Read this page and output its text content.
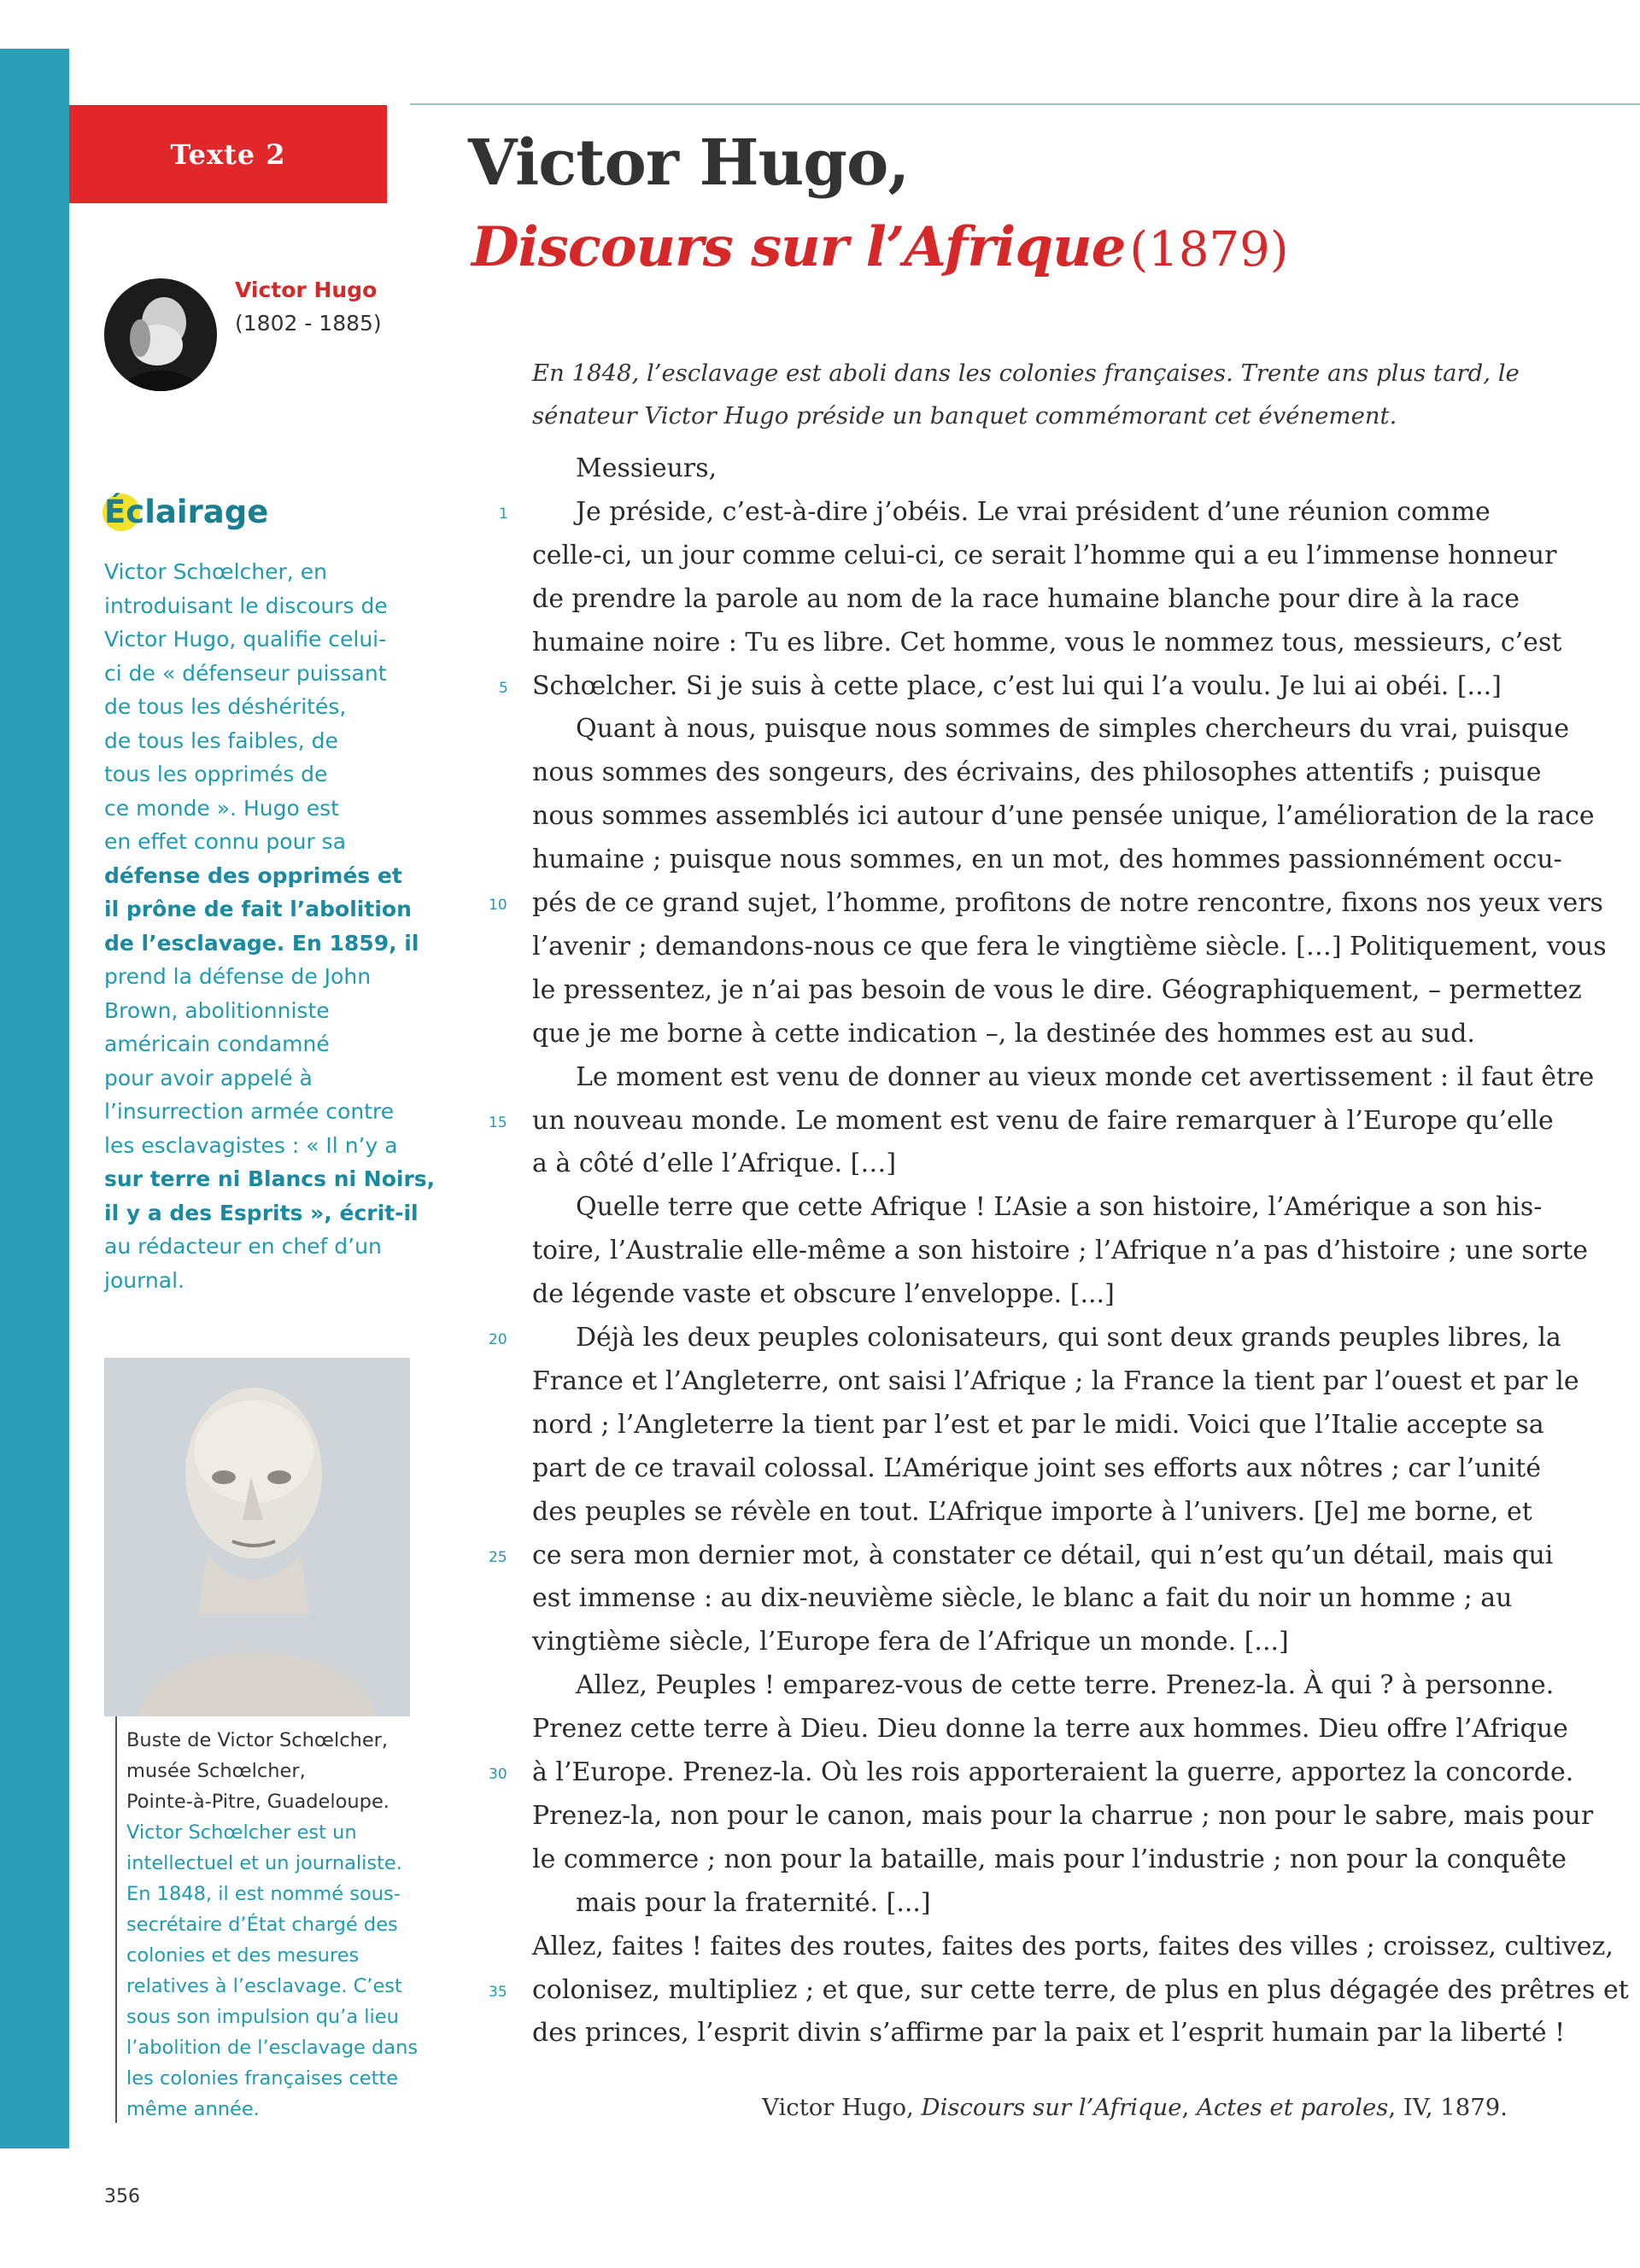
Texte 2	Victor Hugo,
Discours sur l’Afrique (1879)
Victor Hugo
(1802 - 1885)
Éclairage
Victor Schœlcher, en
introduisant le discours de
Victor Hugo, qualifie celui-
ci de « défenseur puissant
de tous les déshérités,
de tous les faibles, de
tous les opprimés de
ce monde ». Hugo est
en effet connu pour sa
défense des opprimés et
il prône de fait l’abolition
de l’esclavage. En 1859, il
prend la défense de John
Brown, abolitionniste
américain condamné
pour avoir appelé à
l’insurrection armée contre
les esclavagistes : « Il n’y a
sur terre ni Blancs ni Noirs,
il y a des Esprits », écrit-il
au rédacteur en chef d’un
journal.
Buste de Victor Schœlcher,
musée Schœlcher,
Pointe-à-Pitre, Guadeloupe.
Victor Schœlcher est un
intellectuel et un journaliste.
En 1848, il est nommé sous-
secrétaire d’État chargé des
colonies et des mesures
relatives à l’esclavage. C’est
sous son impulsion qu’a lieu
l’abolition de l’esclavage dans
les colonies françaises cette
même année.
En 1848, l’esclavage est aboli dans les colonies françaises. Trente ans plus tard, le
sénateur Victor Hugo préside un banquet commémorant cet événement.
Messieurs,
Je préside, c’est-à-dire j’obéis. Le vrai président d’une réunion comme
celle-ci, un jour comme celui-ci, ce serait l’homme qui a eu l’immense honneur
de prendre la parole au nom de la race humaine blanche pour dire à la race
humaine noire : Tu es libre. Cet homme, vous le nommez tous, messieurs, c’est
Schœlcher. Si je suis à cette place, c’est lui qui l’a voulu. Je lui ai obéi. [...]
Quant à nous, puisque nous sommes de simples chercheurs du vrai, puisque
nous sommes des songeurs, des écrivains, des philosophes attentifs ; puisque
nous sommes assemblés ici autour d’une pensée unique, l’amélioration de la race
humaine ; puisque nous sommes, en un mot, des hommes passionnément occu-
pés de ce grand sujet, l’homme, profitons de notre rencontre, fixons nos yeux vers
l’avenir ; demandons-nous ce que fera le vingtième siècle. […] Politiquement, vous
le pressentez, je n’ai pas besoin de vous le dire. Géographiquement, – permettez
que je me borne à cette indication –, la destinée des hommes est au sud.
Le moment est venu de donner au vieux monde cet avertissement : il faut être
un nouveau monde. Le moment est venu de faire remarquer à l’Europe qu’elle
a à côté d’elle l’Afrique. […]
Quelle terre que cette Afrique ! L’Asie a son histoire, l’Amérique a son his-
toire, l’Australie elle-même a son histoire ; l’Afrique n’a pas d’histoire ; une sorte
de légende vaste et obscure l’enveloppe. [...]
Déjà les deux peuples colonisateurs, qui sont deux grands peuples libres, la
France et l’Angleterre, ont saisi l’Afrique ; la France la tient par l’ouest et par le
nord ; l’Angleterre la tient par l’est et par le midi. Voici que l’Italie accepte sa
part de ce travail colossal. L’Amérique joint ses efforts aux nôtres ; car l’unité
des peuples se révèle en tout. L’Afrique importe à l’univers. [Je] me borne, et
ce sera mon dernier mot, à constater ce détail, qui n’est qu’un détail, mais qui
est immense : au dix-neuvième siècle, le blanc a fait du noir un homme ; au
vingtième siècle, l’Europe fera de l’Afrique un monde. [...]
Allez, Peuples ! emparez-vous de cette terre. Prenez-la. À qui ? à personne.
Prenez cette terre à Dieu. Dieu donne la terre aux hommes. Dieu offre l’Afrique
à l’Europe. Prenez-la. Où les rois apporteraient la guerre, apportez la concorde.
Prenez-la, non pour le canon, mais pour la charrue ; non pour le sabre, mais pour
le commerce ; non pour la bataille, mais pour l’industrie ; non pour la conquête
mais pour la fraternité. [...]
Allez, faites ! faites des routes, faites des ports, faites des villes ; croissez, cultivez,
colonisez, multipliez ; et que, sur cette terre, de plus en plus dégagée des prêtres et
des princes, l’esprit divin s’affirme par la paix et l’esprit humain par la liberté !
1
5
10
15
20
25
30
35
Victor Hugo, Discours sur l’Afrique, Actes et paroles, IV, 1879.
356
